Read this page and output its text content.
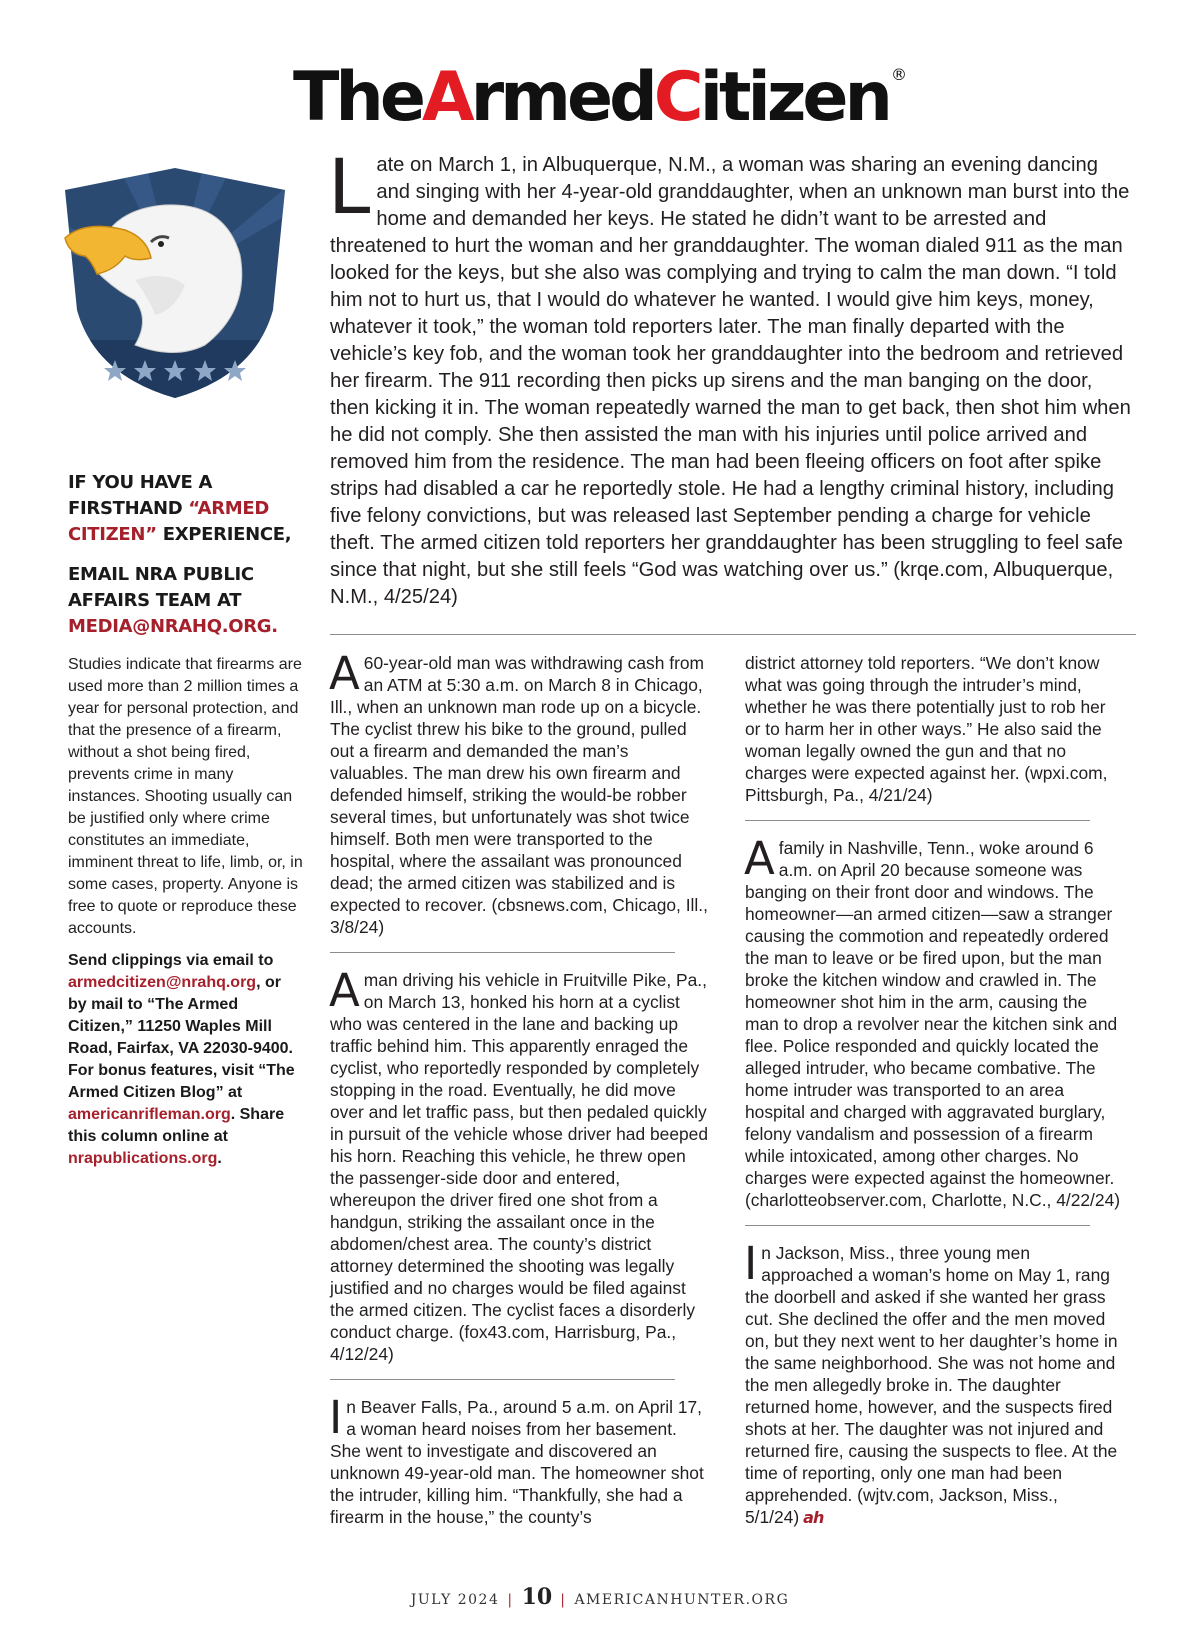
TheArmedCitizen ®

IF YOU HAVE A FIRSTHAND “ARMED CITIZEN” EXPERIENCE,

EMAIL NRA PUBLIC AFFAIRS TEAM AT MEDIA@NRAHQ.ORG.

Studies indicate that firearms are used more than 2 million times a year for personal protection, and that the presence of a firearm, without a shot being fired, prevents crime in many instances. Shooting usually can be justified only where crime constitutes an immediate, imminent threat to life, limb, or, in some cases, property. Anyone is free to quote or reproduce these accounts.

Send clippings via email to armedcitizen@nrahq.org, or by mail to “The Armed Citizen,” 11250 Waples Mill Road, Fairfax, VA 22030-9400. For bonus features, visit “The Armed Citizen Blog” at americanrifleman.org. Share this column online at nrapublications.org.

Late on March 1, in Albuquerque, N.M., a woman was sharing an evening dancing and singing with her 4-year-old granddaughter, when an unknown man burst into the home and demanded her keys. He stated he didn’t want to be arrested and threatened to hurt the woman and her granddaughter. The woman dialed 911 as the man looked for the keys, but she also was complying and trying to calm the man down. “I told him not to hurt us, that I would do whatever he wanted. I would give him keys, money, whatever it took,” the woman told reporters later. The man finally departed with the vehicle’s key fob, and the woman took her granddaughter into the bedroom and retrieved her firearm. The 911 recording then picks up sirens and the man banging on the door, then kicking it in. The woman repeatedly warned the man to get back, then shot him when he did not comply. She then assisted the man with his injuries until police arrived and removed him from the residence. The man had been fleeing officers on foot after spike strips had disabled a car he reportedly stole. He had a lengthy criminal history, including five felony convictions, but was released last September pending a charge for vehicle theft. The armed citizen told reporters her granddaughter has been struggling to feel safe since that night, but she still feels “God was watching over us.” (krqe.com, Albuquerque, N.M., 4/25/24)

A 60-year-old man was withdrawing cash from an ATM at 5:30 a.m. on March 8 in Chicago, Ill., when an unknown man rode up on a bicycle. The cyclist threw his bike to the ground, pulled out a firearm and demanded the man’s valuables. The man drew his own firearm and defended himself, striking the would-be robber several times, but unfortunately was shot twice himself. Both men were transported to the hospital, where the assailant was pronounced dead; the armed citizen was stabilized and is expected to recover. (cbsnews.com, Chicago, Ill., 3/8/24)

A man driving his vehicle in Fruitville Pike, Pa., on March 13, honked his horn at a cyclist who was centered in the lane and backing up traffic behind him. This apparently enraged the cyclist, who reportedly responded by completely stopping in the road. Eventually, he did move over and let traffic pass, but then pedaled quickly in pursuit of the vehicle whose driver had beeped his horn. Reaching this vehicle, he threw open the passenger-side door and entered, whereupon the driver fired one shot from a handgun, striking the assailant once in the abdomen/chest area. The county’s district attorney determined the shooting was legally justified and no charges would be filed against the armed citizen. The cyclist faces a disorderly conduct charge. (fox43.com, Harrisburg, Pa., 4/12/24)

In Beaver Falls, Pa., around 5 a.m. on April 17, a woman heard noises from her basement. She went to investigate and discovered an unknown 49-year-old man. The homeowner shot the intruder, killing him. “Thankfully, she had a firearm in the house,” the county’s

district attorney told reporters. “We don’t know what was going through the intruder’s mind, whether he was there potentially just to rob her or to harm her in other ways.” He also said the woman legally owned the gun and that no charges were expected against her. (wpxi.com, Pittsburgh, Pa., 4/21/24)

A family in Nashville, Tenn., woke around 6 a.m. on April 20 because someone was banging on their front door and windows. The homeowner—an armed citizen—saw a stranger causing the commotion and repeatedly ordered the man to leave or be fired upon, but the man broke the kitchen window and crawled in. The homeowner shot him in the arm, causing the man to drop a revolver near the kitchen sink and flee. Police responded and quickly located the alleged intruder, who became combative. The home intruder was transported to an area hospital and charged with aggravated burglary, felony vandalism and possession of a firearm while intoxicated, among other charges. No charges were expected against the homeowner. (charlotteobserver.com, Charlotte, N.C., 4/22/24)

In Jackson, Miss., three young men approached a woman’s home on May 1, rang the doorbell and asked if she wanted her grass cut. She declined the offer and the men moved on, but they next went to her daughter’s home in the same neighborhood. She was not home and the men allegedly broke in. The daughter returned home, however, and the suspects fired shots at her. The daughter was not injured and returned fire, causing the suspects to flee. At the time of reporting, only one man had been apprehended. (wjtv.com, Jackson, Miss., 5/1/24) ah

JULY 2024 | 10 | AMERICANHUNTER.ORG
